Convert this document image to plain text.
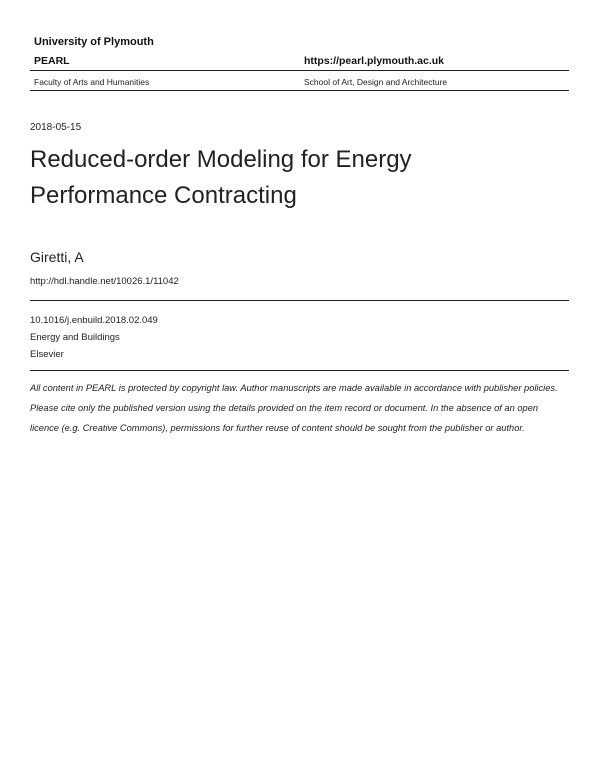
University of Plymouth
PEARL	https://pearl.plymouth.ac.uk
Faculty of Arts and Humanities	School of Art, Design and Architecture
2018-05-15
Reduced-order Modeling for Energy Performance Contracting
Giretti, A
http://hdl.handle.net/10026.1/11042
10.1016/j.enbuild.2018.02.049
Energy and Buildings
Elsevier
All content in PEARL is protected by copyright law. Author manuscripts are made available in accordance with publisher policies. Please cite only the published version using the details provided on the item record or document. In the absence of an open licence (e.g. Creative Commons), permissions for further reuse of content should be sought from the publisher or author.
